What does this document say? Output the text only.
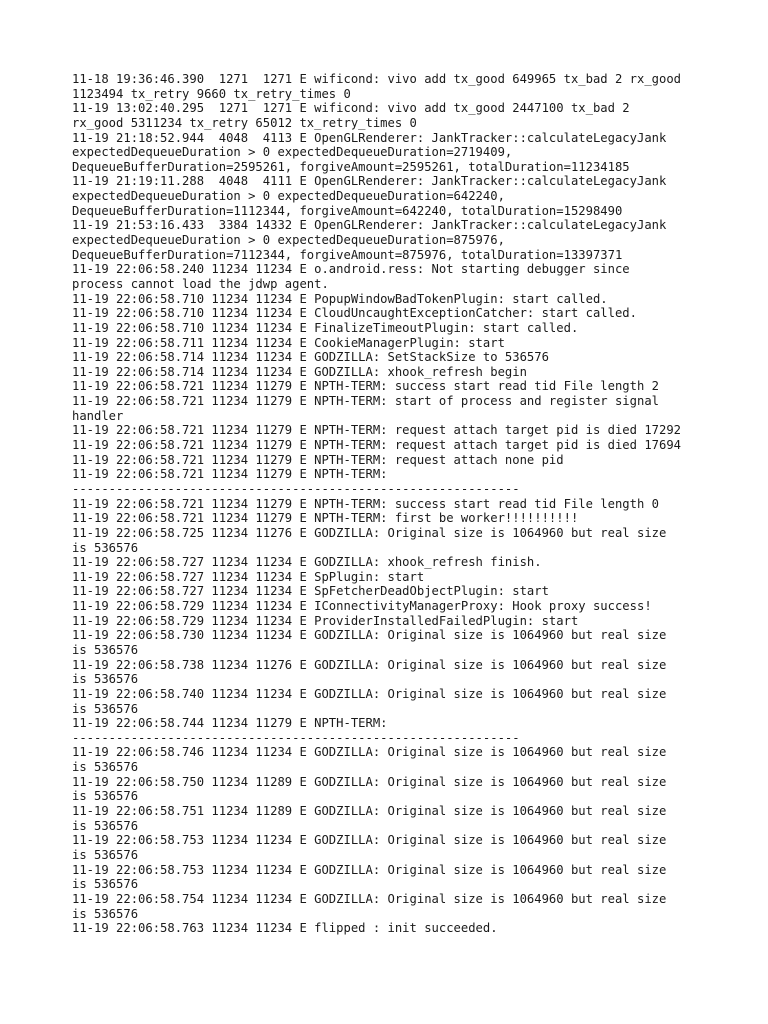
11-18 19:36:46.390  1271  1271 E wificond: vivo add tx_good 649965 tx_bad 2 rx_good
1123494 tx_retry 9660 tx_retry_times 0
11-19 13:02:40.295  1271  1271 E wificond: vivo add tx_good 2447100 tx_bad 2
rx_good 5311234 tx_retry 65012 tx_retry_times 0
11-19 21:18:52.944  4048  4113 E OpenGLRenderer: JankTracker::calculateLegacyJank
expectedDequeueDuration > 0 expectedDequeueDuration=2719409,
DequeueBufferDuration=2595261, forgiveAmount=2595261, totalDuration=11234185
11-19 21:19:11.288  4048  4111 E OpenGLRenderer: JankTracker::calculateLegacyJank
expectedDequeueDuration > 0 expectedDequeueDuration=642240,
DequeueBufferDuration=1112344, forgiveAmount=642240, totalDuration=15298490
11-19 21:53:16.433  3384 14332 E OpenGLRenderer: JankTracker::calculateLegacyJank
expectedDequeueDuration > 0 expectedDequeueDuration=875976,
DequeueBufferDuration=7112344, forgiveAmount=875976, totalDuration=13397371
11-19 22:06:58.240 11234 11234 E o.android.ress: Not starting debugger since
process cannot load the jdwp agent.
11-19 22:06:58.710 11234 11234 E PopupWindowBadTokenPlugin: start called.
11-19 22:06:58.710 11234 11234 E CloudUncaughtExceptionCatcher: start called.
11-19 22:06:58.710 11234 11234 E FinalizeTimeoutPlugin: start called.
11-19 22:06:58.711 11234 11234 E CookieManagerPlugin: start
11-19 22:06:58.714 11234 11234 E GODZILLA: SetStackSize to 536576
11-19 22:06:58.714 11234 11234 E GODZILLA: xhook_refresh begin
11-19 22:06:58.721 11234 11279 E NPTH-TERM: success start read tid File length 2
11-19 22:06:58.721 11234 11279 E NPTH-TERM: start of process and register signal
handler
11-19 22:06:58.721 11234 11279 E NPTH-TERM: request attach target pid is died 17292
11-19 22:06:58.721 11234 11279 E NPTH-TERM: request attach target pid is died 17694
11-19 22:06:58.721 11234 11279 E NPTH-TERM: request attach none pid
11-19 22:06:58.721 11234 11279 E NPTH-TERM:
-------------------------------------------------------------
11-19 22:06:58.721 11234 11279 E NPTH-TERM: success start read tid File length 0
11-19 22:06:58.721 11234 11279 E NPTH-TERM: first be worker!!!!!!!!!!
11-19 22:06:58.725 11234 11276 E GODZILLA: Original size is 1064960 but real size
is 536576
11-19 22:06:58.727 11234 11234 E GODZILLA: xhook_refresh finish.
11-19 22:06:58.727 11234 11234 E SpPlugin: start
11-19 22:06:58.727 11234 11234 E SpFetcherDeadObjectPlugin: start
11-19 22:06:58.729 11234 11234 E IConnectivityManagerProxy: Hook proxy success!
11-19 22:06:58.729 11234 11234 E ProviderInstalledFailedPlugin: start
11-19 22:06:58.730 11234 11234 E GODZILLA: Original size is 1064960 but real size
is 536576
11-19 22:06:58.738 11234 11276 E GODZILLA: Original size is 1064960 but real size
is 536576
11-19 22:06:58.740 11234 11234 E GODZILLA: Original size is 1064960 but real size
is 536576
11-19 22:06:58.744 11234 11279 E NPTH-TERM:
-------------------------------------------------------------
11-19 22:06:58.746 11234 11234 E GODZILLA: Original size is 1064960 but real size
is 536576
11-19 22:06:58.750 11234 11289 E GODZILLA: Original size is 1064960 but real size
is 536576
11-19 22:06:58.751 11234 11289 E GODZILLA: Original size is 1064960 but real size
is 536576
11-19 22:06:58.753 11234 11234 E GODZILLA: Original size is 1064960 but real size
is 536576
11-19 22:06:58.753 11234 11234 E GODZILLA: Original size is 1064960 but real size
is 536576
11-19 22:06:58.754 11234 11234 E GODZILLA: Original size is 1064960 but real size
is 536576
11-19 22:06:58.763 11234 11234 E flipped : init succeeded.
